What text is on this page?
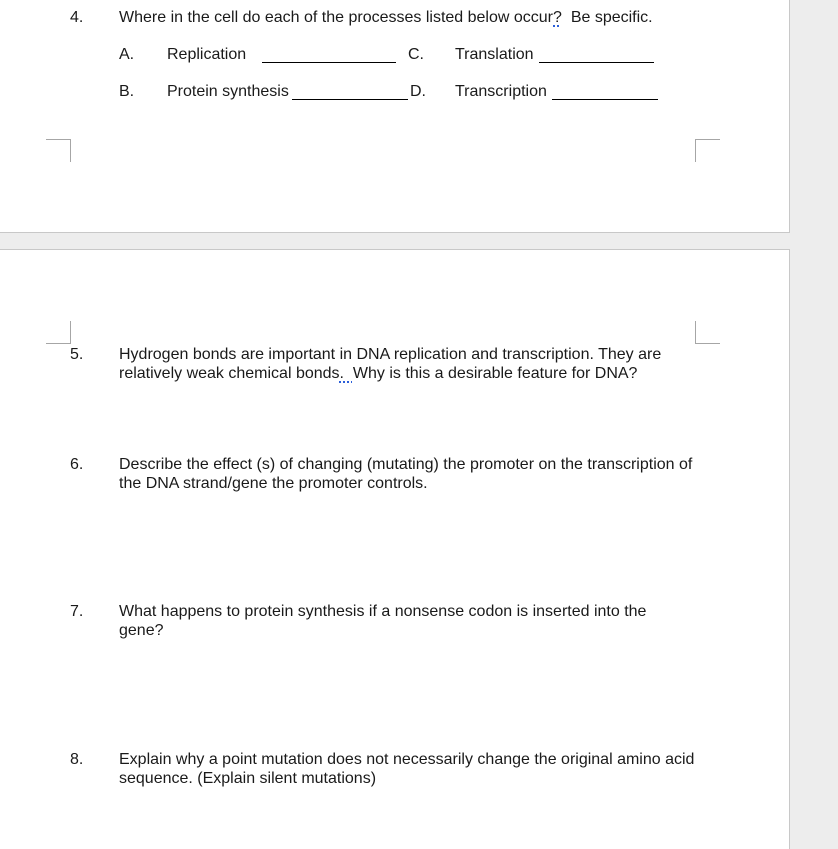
4. Where in the cell do each of the processes listed below occur?  Be specific.
A. Replication	C. Translation
B. Protein synthesis	D. Transcription
5. Hydrogen bonds are important in DNA replication and transcription. They are
relatively weak chemical bonds.  Why is this a desirable feature for DNA?
6. Describe the effect (s) of changing (mutating) the promoter on the transcription of
the DNA strand/gene the promoter controls.
7. What happens to protein synthesis if a nonsense codon is inserted into the
gene?
8. Explain why a point mutation does not necessarily change the original amino acid
sequence. (Explain silent mutations)
